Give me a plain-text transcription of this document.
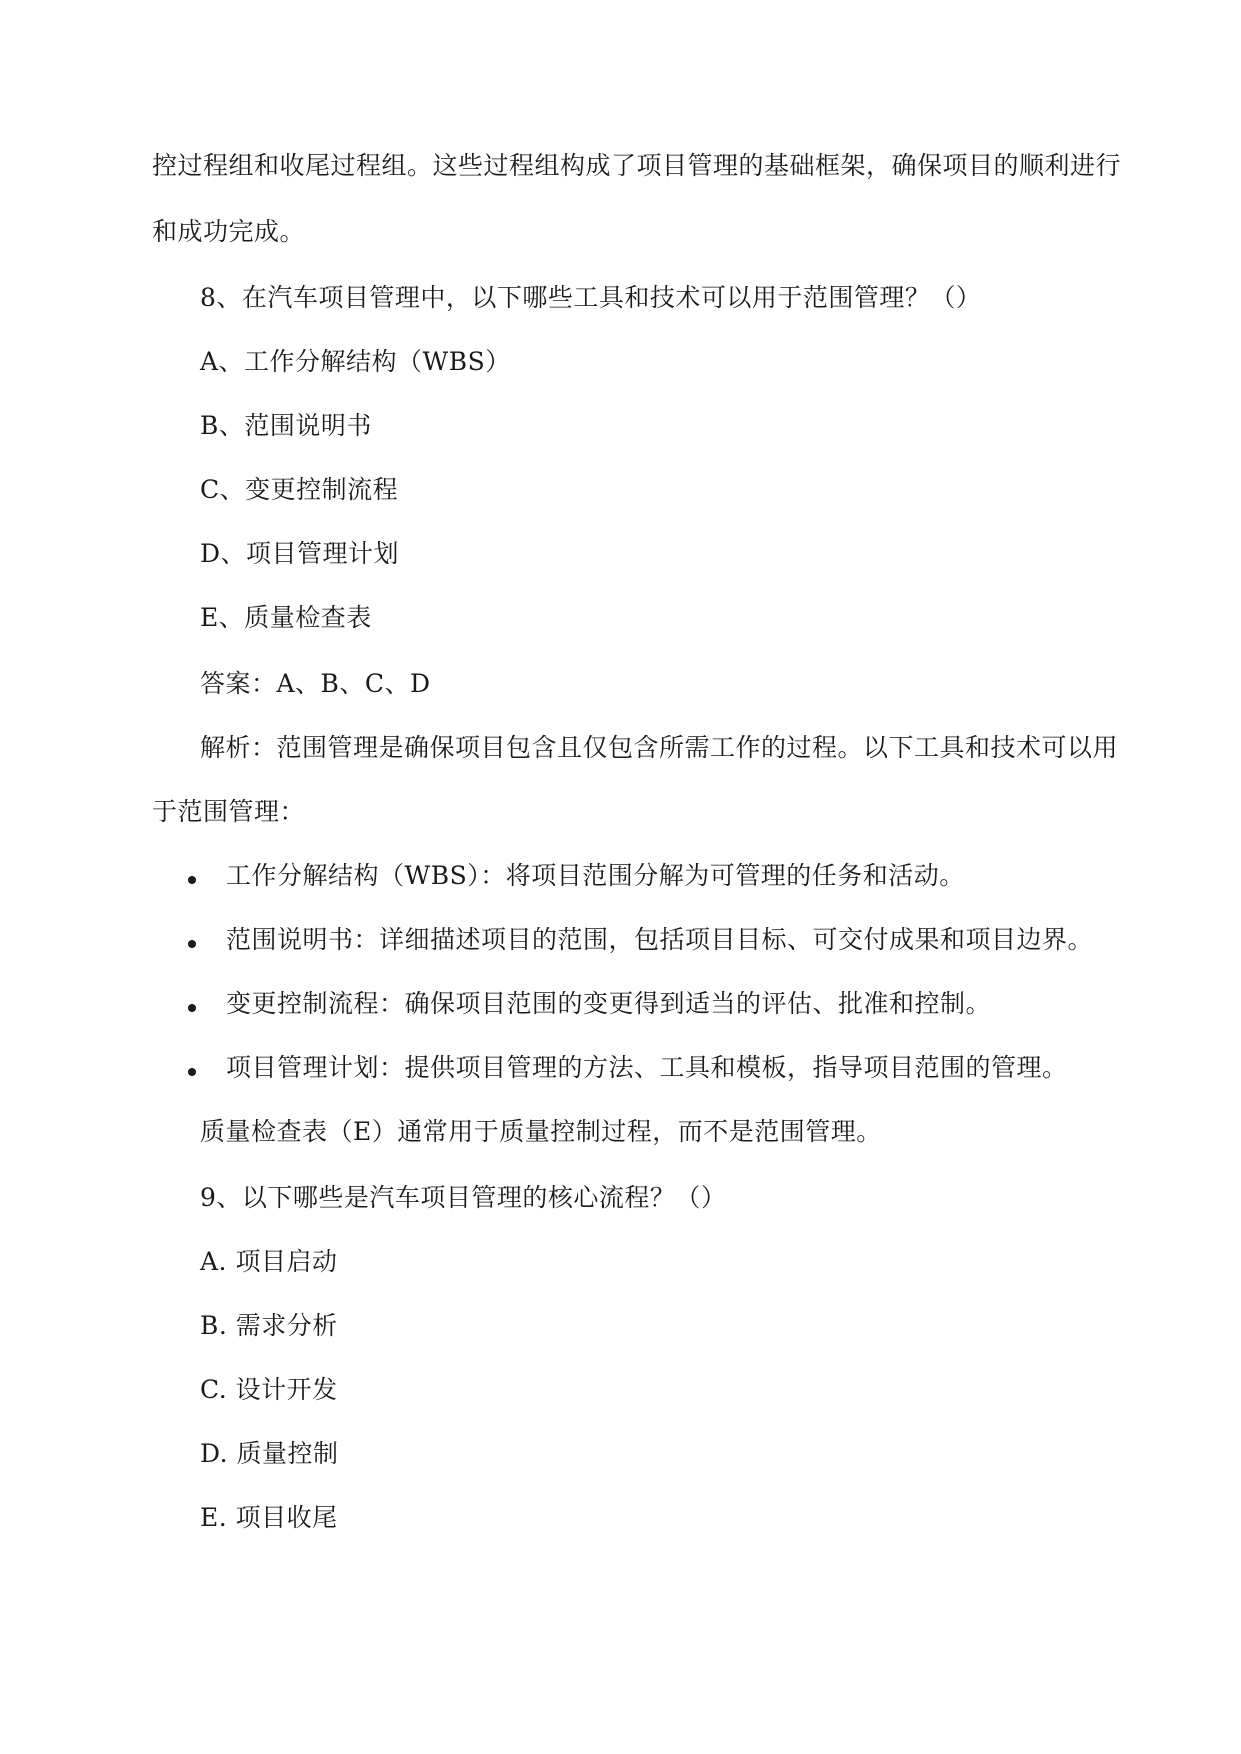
控过程组和收尾过程组。这些过程组构成了项目管理的基础框架，确保项目的顺利进行
和成功完成。
8、在汽车项目管理中，以下哪些工具和技术可以用于范围管理？（）
A、工作分解结构（WBS）
B、范围说明书
C、变更控制流程
D、项目管理计划
E、质量检查表
答案：A、B、C、D
解析：范围管理是确保项目包含且仅包含所需工作的过程。以下工具和技术可以用
于范围管理：
工作分解结构（WBS）：将项目范围分解为可管理的任务和活动。
范围说明书：详细描述项目的范围，包括项目目标、可交付成果和项目边界。
变更控制流程：确保项目范围的变更得到适当的评估、批准和控制。
项目管理计划：提供项目管理的方法、工具和模板，指导项目范围的管理。
质量检查表（E）通常用于质量控制过程，而不是范围管理。
9、以下哪些是汽车项目管理的核心流程？（）
A. 项目启动
B. 需求分析
C. 设计开发
D. 质量控制
E. 项目收尾
